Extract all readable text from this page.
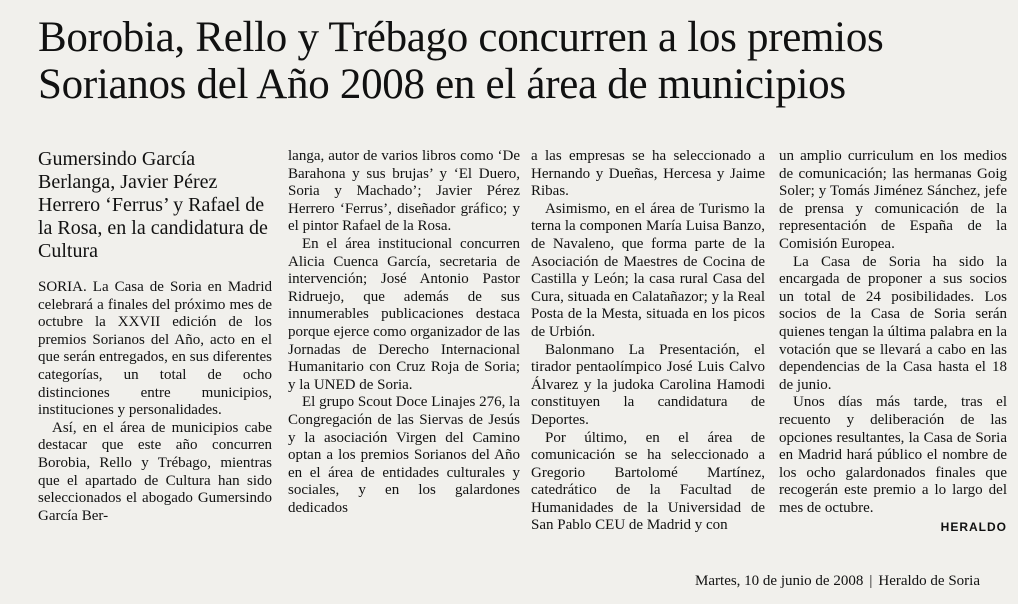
Borobia, Rello y Trébago concurren a los premios Sorianos del Año 2008 en el área de municipios
Gumersindo García Berlanga, Javier Pérez Herrero ‘Ferrus’ y Rafael de la Rosa, en la candidatura de Cultura

SORIA. La Casa de Soria en Madrid celebrará a finales del próximo mes de octubre la XXVII edición de los premios Sorianos del Año, acto en el que serán entregados, en sus diferentes categorías, un total de ocho distinciones entre municipios, instituciones y personalidades.

Así, en el área de municipios cabe destacar que este año concurren Borobia, Rello y Trébago, mientras que el apartado de Cultura han sido seleccionados el abogado Gumersindo García Ber-

langa, autor de varios libros como ‘De Barahona y sus brujas’ y ‘El Duero, Soria y Machado’; Javier Pérez Herrero ‘Ferrus’, diseñador gráfico; y el pintor Rafael de la Rosa.

En el área institucional concurren Alicia Cuenca García, secretaria de intervención; José Antonio Pastor Ridruejo, que además de sus innumerables publicaciones destaca porque ejerce como organizador de las Jornadas de Derecho Internacional Humanitario con Cruz Roja de Soria; y la UNED de Soria.

El grupo Scout Doce Linajes 276, la Congregación de las Siervas de Jesús y la asociación Virgen del Camino optan a los premios Sorianos del Año en el área de entidades culturales y sociales, y en los galardones dedicados

a las empresas se ha seleccionado a Hernando y Dueñas, Hercesa y Jaime Ribas.

Asimismo, en el área de Turismo la terna la componen María Luisa Banzo, de Navaleno, que forma parte de la Asociación de Maestres de Cocina de Castilla y León; la casa rural Casa del Cura, situada en Calatañazor; y la Real Posta de la Mesta, situada en los picos de Urbión.

Balonmano La Presentación, el tirador pentaolímpico José Luis Calvo Álvarez y la judoka Carolina Hamodi constituyen la candidatura de Deportes.

Por último, en el área de comunicación se ha seleccionado a Gregorio Bartolomé Martínez, catedrático de la Facultad de Humanidades de la Universidad de San Pablo CEU de Madrid y con

un amplio curriculum en los medios de comunicación; las hermanas Goig Soler; y Tomás Jiménez Sánchez, jefe de prensa y comunicación de la representación de España de la Comisión Europea.

La Casa de Soria ha sido la encargada de proponer a sus socios un total de 24 posibilidades. Los socios de la Casa de Soria serán quienes tengan la última palabra en la votación que se llevará a cabo en las dependencias de la Casa hasta el 18 de junio.

Unos días más tarde, tras el recuento y deliberación de las opciones resultantes, la Casa de Soria en Madrid hará público el nombre de los ocho galardonados finales que recogerán este premio a lo largo del mes de octubre.

HERALDO
Martes, 10 de junio de 2008 | Heraldo de Soria
